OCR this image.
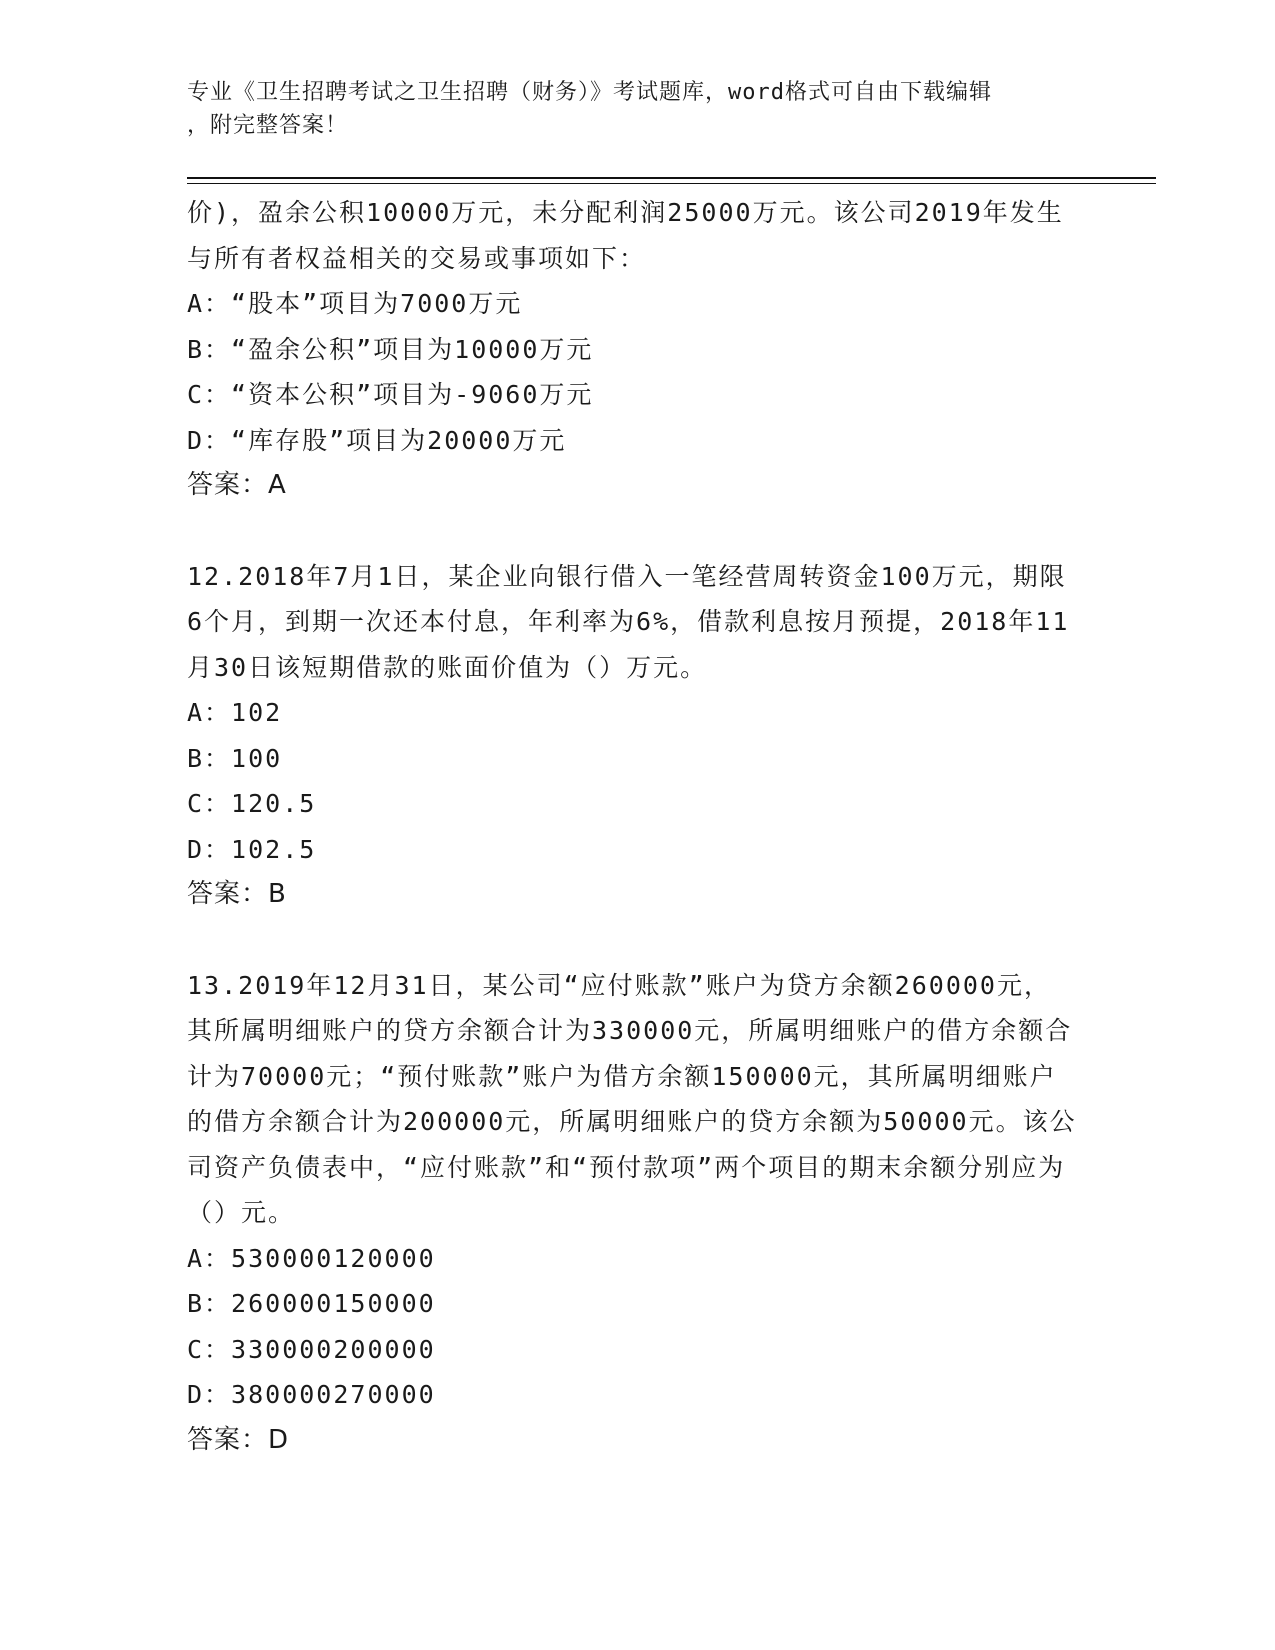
专业《卫生招聘考试之卫生招聘（财务）》考试题库，word格式可自由下载编辑
，附完整答案！

价)，盈余公积10000万元，未分配利润25000万元。该公司2019年发生与所有者权益相关的交易或事项如下：

A：“股本”项目为7000万元

B：“盈余公积”项目为10000万元

C：“资本公积”项目为-9060万元

D：“库存股”项目为20000万元

答案：A

12.2018年7月1日，某企业向银行借入一笔经营周转资金100万元，期限6个月，到期一次还本付息，年利率为6%，借款利息按月预提，2018年11月30日该短期借款的账面价值为（）万元。

A：102

B：100

C：120.5

D：102.5

答案：B

13.2019年12月31日，某公司“应付账款”账户为贷方余额260000元，其所属明细账户的贷方余额合计为330000元，所属明细账户的借方余额合计为70000元；“预付账款”账户为借方余额150000元，其所属明细账户的借方余额合计为200000元，所属明细账户的贷方余额为50000元。该公司资产负债表中，“应付账款”和“预付款项”两个项目的期末余额分别应为（）元。

A：530000120000

B：260000150000

C：330000200000

D：380000270000

答案：D
